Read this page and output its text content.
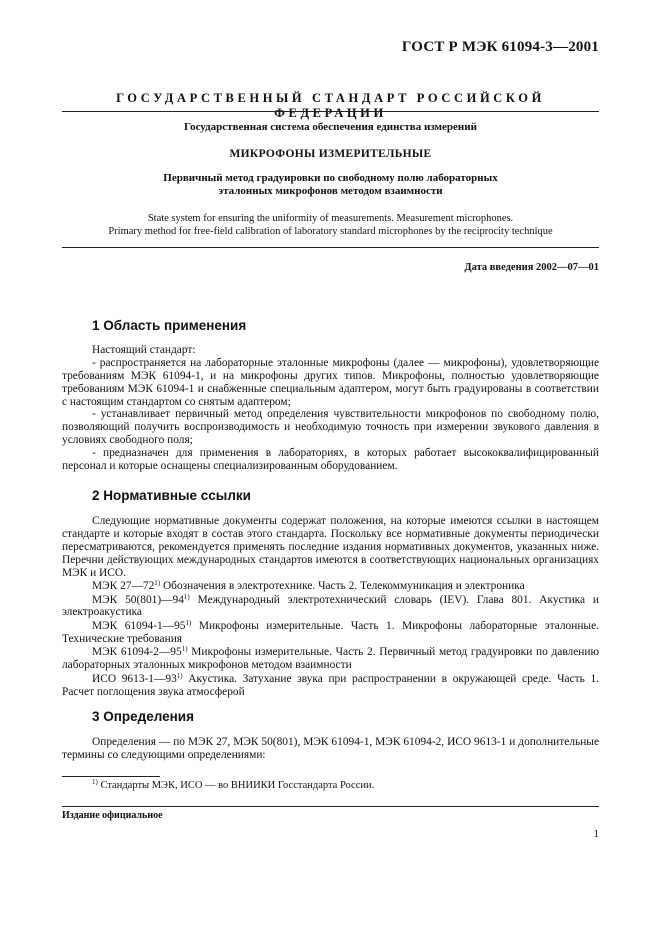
ГОСТ Р МЭК 61094-3—2001
ГОСУДАРСТВЕННЫЙ СТАНДАРТ РОССИЙСКОЙ ФЕДЕРАЦИИ
Государственная система обеспечения единства измерений
МИКРОФОНЫ ИЗМЕРИТЕЛЬНЫЕ
Первичный метод градуировки по свободному полю лабораторных
эталонных микрофонов методом взаимности
State system for ensuring the uniformity of measurements. Measurement microphones.
Primary method for free-field calibration of laboratory standard microphones by the reciprocity technique
Дата введения 2002—07—01
1 Область применения
Настоящий стандарт:
- распространяется на лабораторные эталонные микрофоны (далее — микрофоны), удовлетворяющие требованиям МЭК 61094-1, и на микрофоны других типов. Микрофоны, полностью удовлетворяющие требованиям МЭК 61094-1 и снабженные специальным адаптером, могут быть градуированы в соответствии с настоящим стандартом со снятым адаптером;
- устанавливает первичный метод определения чувствительности микрофонов по свободному полю, позволяющий получить воспроизводимость и необходимую точность при измерении звукового давления в условиях свободного поля;
- предназначен для применения в лабораториях, в которых работает высококвалифицированный персонал и которые оснащены специализированным оборудованием.
2 Нормативные ссылки
Следующие нормативные документы содержат положения, на которые имеются ссылки в настоящем стандарте и которые входят в состав этого стандарта. Поскольку все нормативные документы периодически пересматриваются, рекомендуется применять последние издания нормативных документов, указанных ниже. Перечни действующих международных стандартов имеются в соответствующих национальных организациях МЭК и ИСО.
МЭК 27—72$^{1)}$ Обозначения в электротехнике. Часть 2. Телекоммуникация и электроника
МЭК 50(801)—94$^{1)}$ Международный электротехнический словарь (IEV). Глава 801. Акустика и электроакустика
МЭК 61094-1—95$^{1)}$ Микрофоны измерительные. Часть 1. Микрофоны лабораторные эталонные. Технические требования
МЭК 61094-2—95$^{1)}$ Микрофоны измерительные. Часть 2. Первичный метод градуировки по давлению лабораторных эталонных микрофонов методом взаимности
ИСО 9613-1—93$^{1)}$ Акустика. Затухание звука при распространении в окружающей среде. Часть 1. Расчет поглощения звука атмосферой
3 Определения
Определения — по МЭК 27, МЭК 50(801), МЭК 61094-1, МЭК 61094-2, ИСО 9613-1 и дополнительные термины со следующими определениями:
$^{1)}$ Стандарты МЭК, ИСО — во ВНИИКИ Госстандарта России.
Издание официальное
1
